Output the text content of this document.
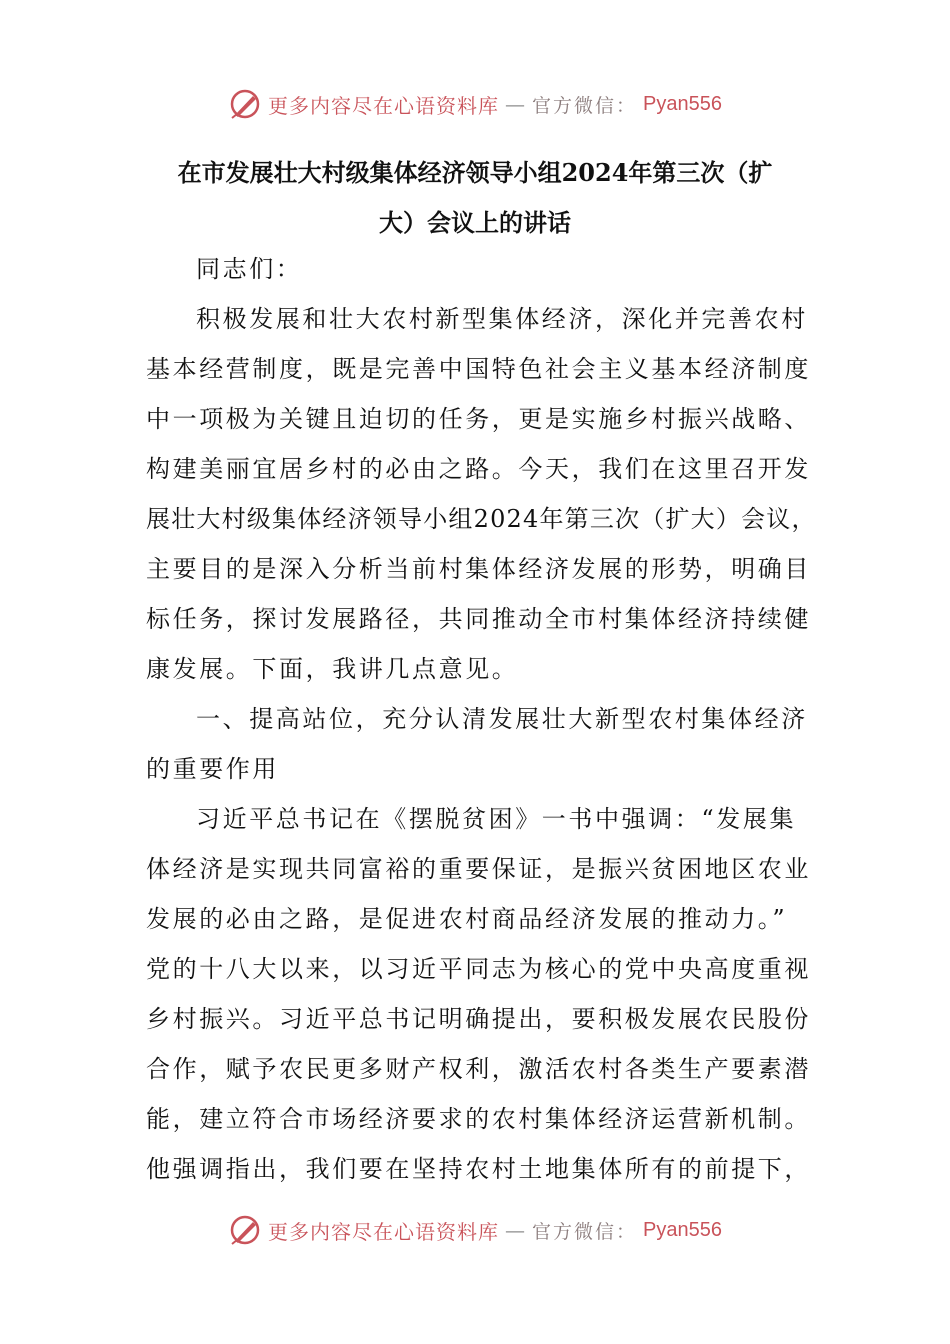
更多内容尽在心语资料库 — 官方微信： Pyan556
在市发展壮大村级集体经济领导小组2024年第三次（扩
大）会议上的讲话
同志们：
积极发展和壮大农村新型集体经济，深化并完善农村
基本经营制度，既是完善中国特色社会主义基本经济制度
中一项极为关键且迫切的任务，更是实施乡村振兴战略、
构建美丽宜居乡村的必由之路。今天，我们在这里召开发
展壮大村级集体经济领导小组2024年第三次（扩大）会议，
主要目的是深入分析当前村集体经济发展的形势，明确目
标任务，探讨发展路径，共同推动全市村集体经济持续健
康发展。下面，我讲几点意见。
一、提高站位，充分认清发展壮大新型农村集体经济
的重要作用
习近平总书记在《摆脱贫困》一书中强调：“发展集
体经济是实现共同富裕的重要保证，是振兴贫困地区农业
发展的必由之路，是促进农村商品经济发展的推动力。”
党的十八大以来，以习近平同志为核心的党中央高度重视
乡村振兴。习近平总书记明确提出，要积极发展农民股份
合作，赋予农民更多财产权利，激活农村各类生产要素潜
能，建立符合市场经济要求的农村集体经济运营新机制。
他强调指出，我们要在坚持农村土地集体所有的前提下，
更多内容尽在心语资料库 — 官方微信： Pyan556
